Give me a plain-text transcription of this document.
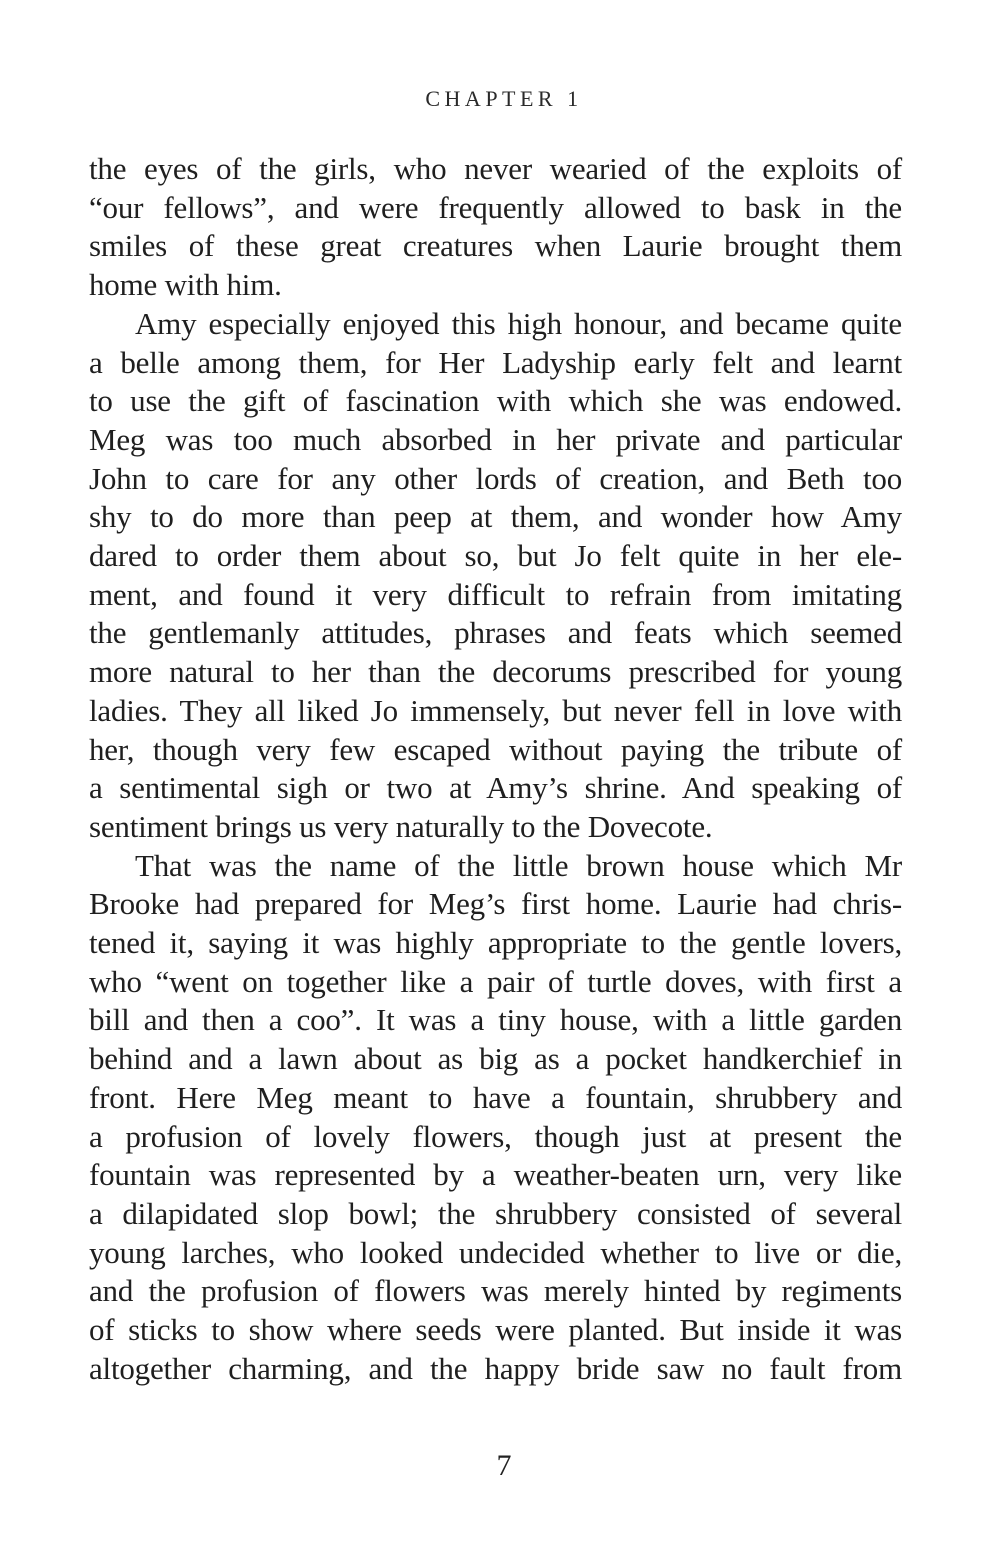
CHAPTER 1

the eyes of the girls, who never wearied of the exploits of
“our fellows”, and were frequently allowed to bask in the
smiles of these great creatures when Laurie brought them
home with him.

Amy especially enjoyed this high honour, and became quite
a belle among them, for Her Ladyship early felt and learnt
to use the gift of fascination with which she was endowed.
Meg was too much absorbed in her private and particular
John to care for any other lords of creation, and Beth too
shy to do more than peep at them, and wonder how Amy
dared to order them about so, but Jo felt quite in her ele-
ment, and found it very difficult to refrain from imitating
the gentlemanly attitudes, phrases and feats which seemed
more natural to her than the decorums prescribed for young
ladies. They all liked Jo immensely, but never fell in love with
her, though very few escaped without paying the tribute of
a sentimental sigh or two at Amy’s shrine. And speaking of
sentiment brings us very naturally to the Dovecote.

That was the name of the little brown house which Mr
Brooke had prepared for Meg’s first home. Laurie had chris-
tened it, saying it was highly appropriate to the gentle lovers,
who “went on together like a pair of turtle doves, with first a
bill and then a coo”. It was a tiny house, with a little garden
behind and a lawn about as big as a pocket handkerchief in
front. Here Meg meant to have a fountain, shrubbery and
a profusion of lovely flowers, though just at present the
fountain was represented by a weather-beaten urn, very like
a dilapidated slop bowl; the shrubbery consisted of several
young larches, who looked undecided whether to live or die,
and the profusion of flowers was merely hinted by regiments
of sticks to show where seeds were planted. But inside it was
altogether charming, and the happy bride saw no fault from

7
